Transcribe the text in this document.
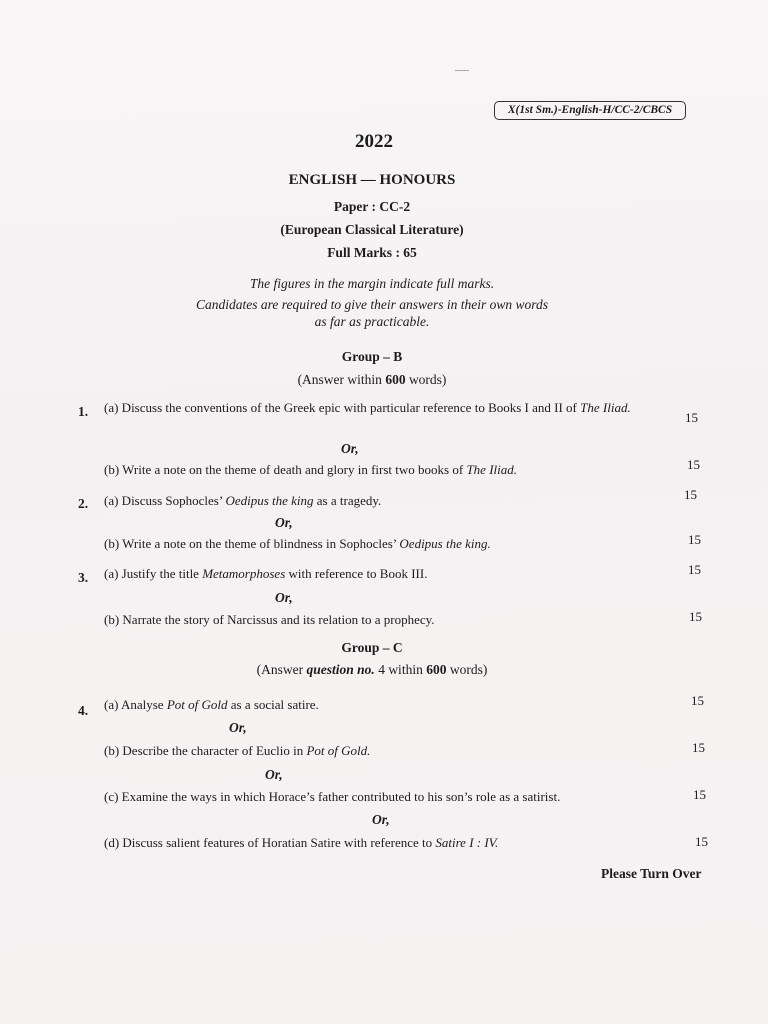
X(1st Sm.)-English-H/CC-2/CBCS
2022
ENGLISH — HONOURS
Paper : CC-2
(European Classical Literature)
Full Marks : 65
The figures in the margin indicate full marks.
Candidates are required to give their answers in their own words
as far as practicable.
Group – B
(Answer within 600 words)
1. (a) Discuss the conventions of the Greek epic with particular reference to Books I and II of The Iliad.
15
Or,
(b) Write a note on the theme of death and glory in first two books of The Iliad.	15
2. (a) Discuss Sophocles’ Oedipus the king as a tragedy.	15
Or,
(b) Write a note on the theme of blindness in Sophocles’ Oedipus the king.	15
3. (a) Justify the title Metamorphoses with reference to Book III.	15
Or,
(b) Narrate the story of Narcissus and its relation to a prophecy.	15
Group – C
(Answer question no. 4 within 600 words)
4. (a) Analyse Pot of Gold as a social satire.	15
Or,
(b) Describe the character of Euclio in Pot of Gold.	15
Or,
(c) Examine the ways in which Horace’s father contributed to his son’s role as a satirist.	15
Or,
(d) Discuss salient features of Horatian Satire with reference to Satire I : IV.	15
Please Turn Over
